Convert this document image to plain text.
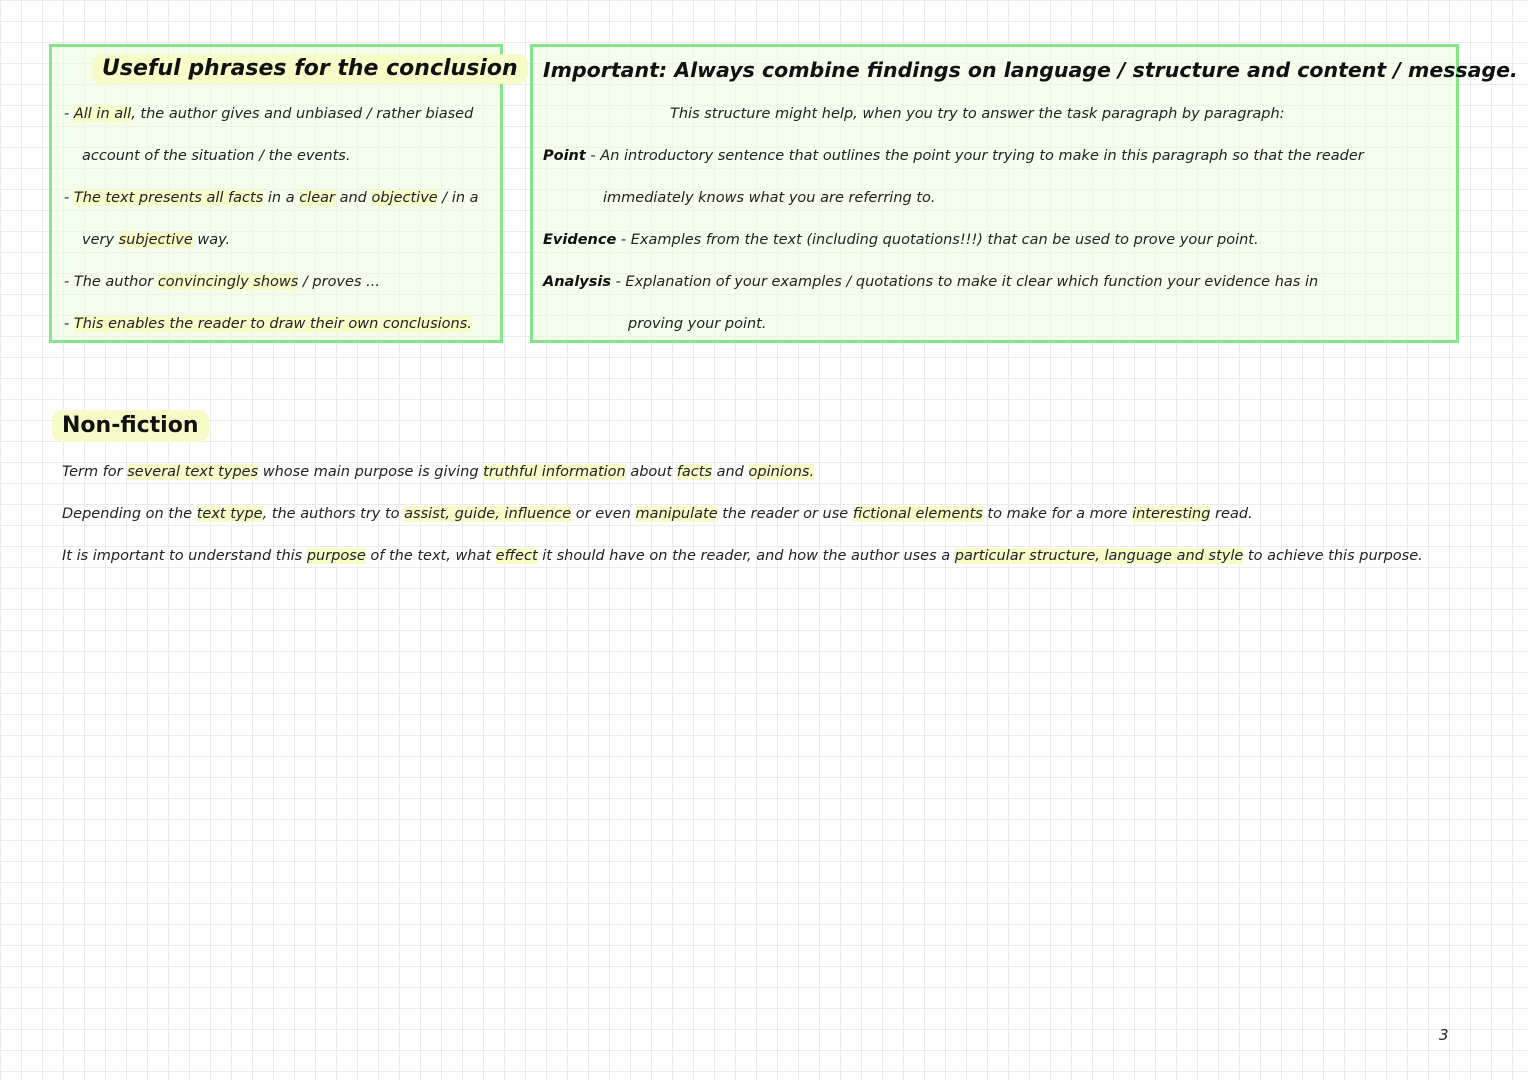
Useful phrases for the conclusion
- All in all, the author gives and unbiased / rather biased
account of the situation / the events.
- The text presents all facts in a clear and objective / in a
very subjective way.
- The author convincingly shows / proves ...
- This enables the reader to draw their own conclusions.
Important: Always combine findings on language / structure and content / message.
This structure might help, when you try to answer the task paragraph by paragraph:
Point - An introductory sentence that outlines the point your trying to make in this paragraph so that the reader
immediately knows what you are referring to.
Evidence - Examples from the text (including quotations!!!) that can be used to prove your point.
Analysis - Explanation of your examples / quotations to make it clear which function your evidence has in
proving your point.
Non-fiction
Term for several text types whose main purpose is giving truthful information about facts and opinions.
Depending on the text type, the authors try to assist, guide, influence or even manipulate the reader or use fictional elements to make for a more interesting read.
It is important to understand this purpose of the text, what effect it should have on the reader, and how the author uses a particular structure, language and style to achieve this purpose.
3
